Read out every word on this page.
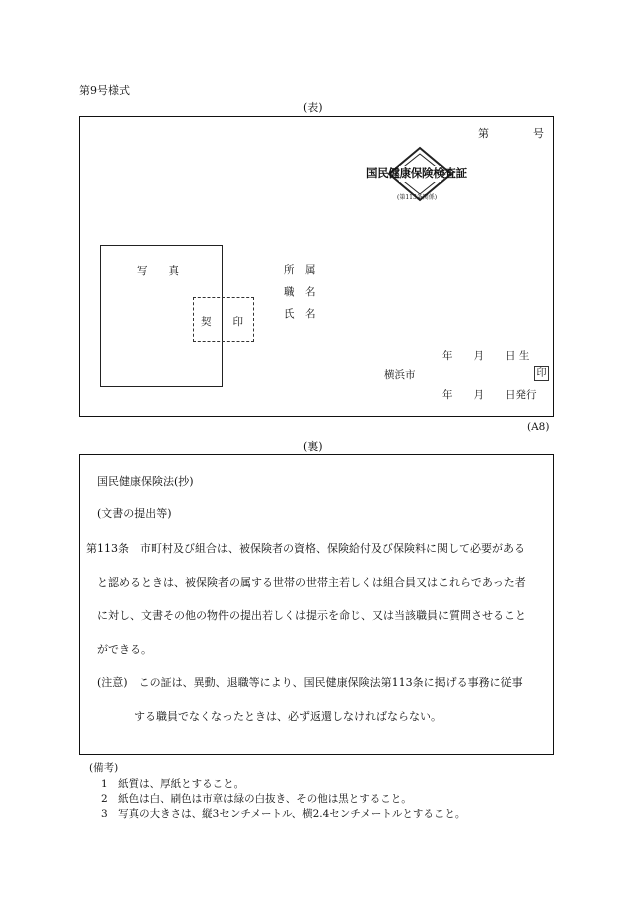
第9号様式
(表)
第　　　　号
国民健康保険検査証
(第113条関係)
写　　真
契　　印
所　属
職　名
氏　名
年　　月　　日 生
横浜市	印
年　　月　　日発行
(A8)
(裏)
国民健康保険法(抄)
(文書の提出等)
第113条　市町村及び組合は、被保険者の資格、保険給付及び保険料に関して必要がある
と認めるときは、被保険者の属する世帯の世帯主若しくは組合員又はこれらであった者
に対し、文書その他の物件の提出若しくは提示を命じ、又は当該職員に質問させること
ができる。
(注意)　この証は、異動、退職等により、国民健康保険法第113条に掲げる事務に従事
する職員でなくなったときは、必ず返還しなければならない。
(備考)
1　紙質は、厚紙とすること。
2　紙色は白、刷色は市章は緑の白抜き、その他は黒とすること。
3　写真の大きさは、縦3センチメートル、横2.4センチメートルとすること。
